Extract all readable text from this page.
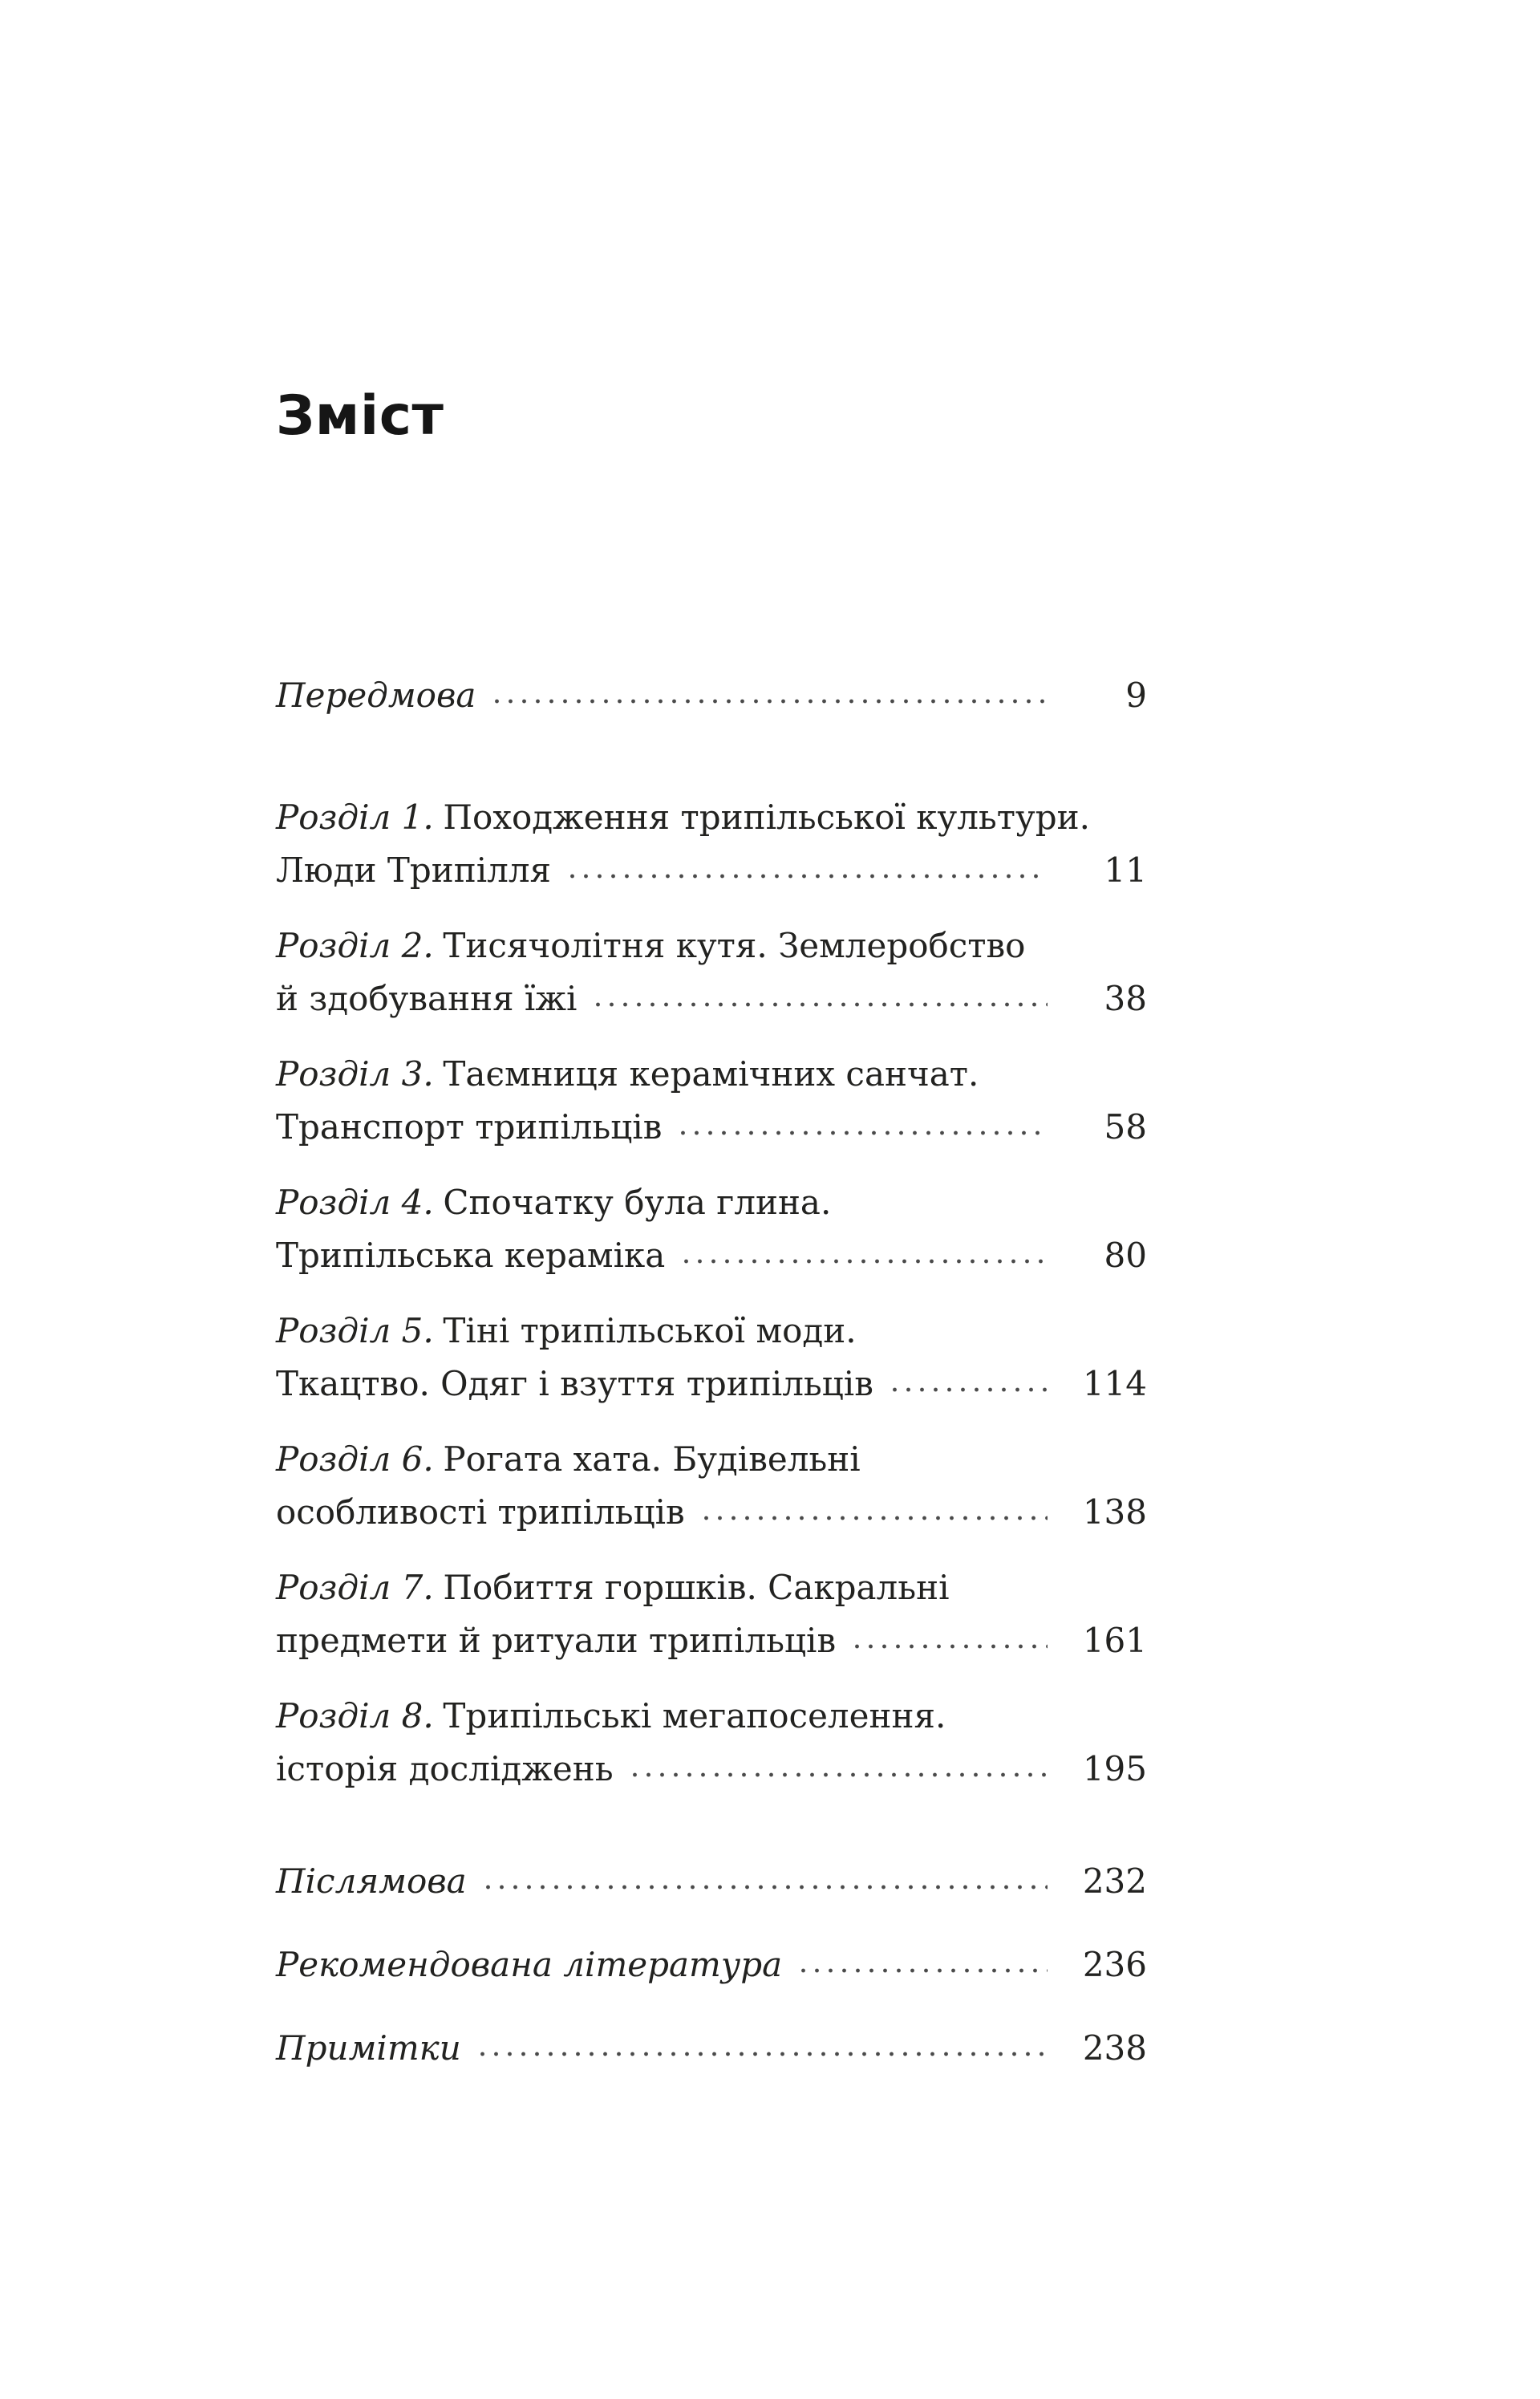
Зміст
Передмова	9
Розділ 1. Походження трипільської культури.
Люди Трипілля	11
Розділ 2. Тисячолітня кутя. Землеробство
й здобування їжі	38
Розділ 3. Таємниця керамічних санчат.
Транспорт трипільців	58
Розділ 4. Спочатку була глина.
Трипільська кераміка	80
Розділ 5. Тіні трипільської моди.
Ткацтво. Одяг і взуття трипільців	114
Розділ 6. Рогата хата. Будівельні
особливості трипільців	138
Розділ 7. Побиття горшків. Сакральні
предмети й ритуали трипільців	161
Розділ 8. Трипільські мегапоселення.
історія досліджень	195
Післямова	232
Рекомендована література	236
Примітки	238
